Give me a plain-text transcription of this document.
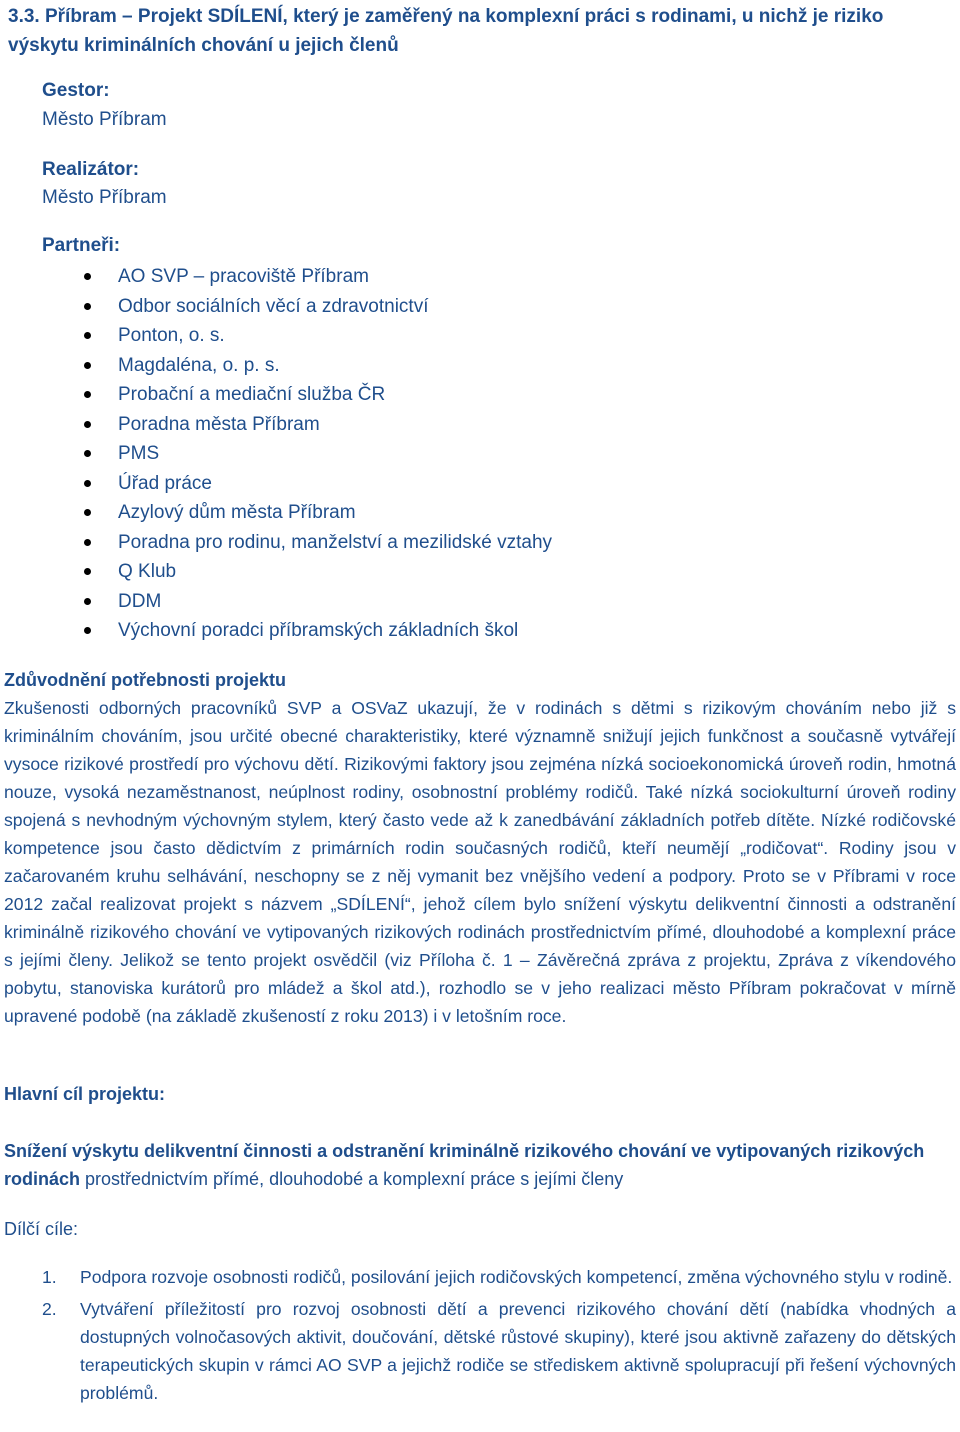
3.3. Příbram – Projekt SDÍLENÍ, který je zaměřený na komplexní práci s rodinami, u nichž je riziko výskytu kriminálních chování u jejich členů
Gestor:
Město Příbram
Realizátor:
Město Příbram
Partneři:
AO SVP – pracoviště Příbram
Odbor sociálních věcí a zdravotnictví
Ponton, o. s.
Magdaléna, o. p. s.
Probační a mediační služba ČR
Poradna města Příbram
PMS
Úřad práce
Azylový dům města Příbram
Poradna pro rodinu, manželství a mezilidské vztahy
Q Klub
DDM
Výchovní poradci příbramských základních škol
Zdůvodnění potřebnosti projektu
Zkušenosti odborných pracovníků SVP a OSVaZ ukazují, že v rodinách s dětmi s rizikovým chováním nebo již s kriminálním chováním, jsou určité obecné charakteristiky, které významně snižují jejich funkčnost a současně vytvářejí vysoce rizikové prostředí pro výchovu dětí. Rizikovými faktory jsou zejména nízká socioekonomická úroveň rodin, hmotná nouze, vysoká nezaměstnanost, neúplnost rodiny, osobnostní problémy rodičů. Také nízká sociokulturní úroveň rodiny spojená s nevhodným výchovným stylem, který často vede až k zanedbávání základních potřeb dítěte. Nízké rodičovské kompetence jsou často dědictvím z primárních rodin současných rodičů, kteří neumějí „rodičovat“. Rodiny jsou v začarovaném kruhu selhávání, neschopny se z něj vymanit bez vnějšího vedení a podpory. Proto se v Příbrami v roce 2012 začal realizovat projekt s názvem „SDÍLENÍ“, jehož cílem bylo snížení výskytu delikventní činnosti a odstranění kriminálně rizikového chování ve vytipovaných rizikových rodinách prostřednictvím přímé, dlouhodobé a komplexní práce s jejími členy. Jelikož se tento projekt osvědčil (viz Příloha č. 1 – Závěrečná zpráva z projektu, Zpráva z víkendového pobytu, stanoviska kurátorů pro mládež a škol atd.), rozhodlo se v jeho realizaci město Příbram pokračovat v mírně upravené podobě (na základě zkušeností z roku 2013) i v letošním roce.
Hlavní cíl projektu:
Snížení výskytu delikventní činnosti a odstranění kriminálně rizikového chování ve vytipovaných rizikových rodinách prostřednictvím přímé, dlouhodobé a komplexní práce s jejími členy
Dílčí cíle:
1. Podpora rozvoje osobnosti rodičů, posilování jejich rodičovských kompetencí, změna výchovného stylu v rodině.
2. Vytváření příležitostí pro rozvoj osobnosti dětí a prevenci rizikového chování dětí (nabídka vhodných a dostupných volnočasových aktivit, doučování, dětské růstové skupiny), které jsou aktivně zařazeny do dětských terapeutických skupin v rámci AO SVP a jejichž rodiče se střediskem aktivně spolupracují při řešení výchovných problémů.
